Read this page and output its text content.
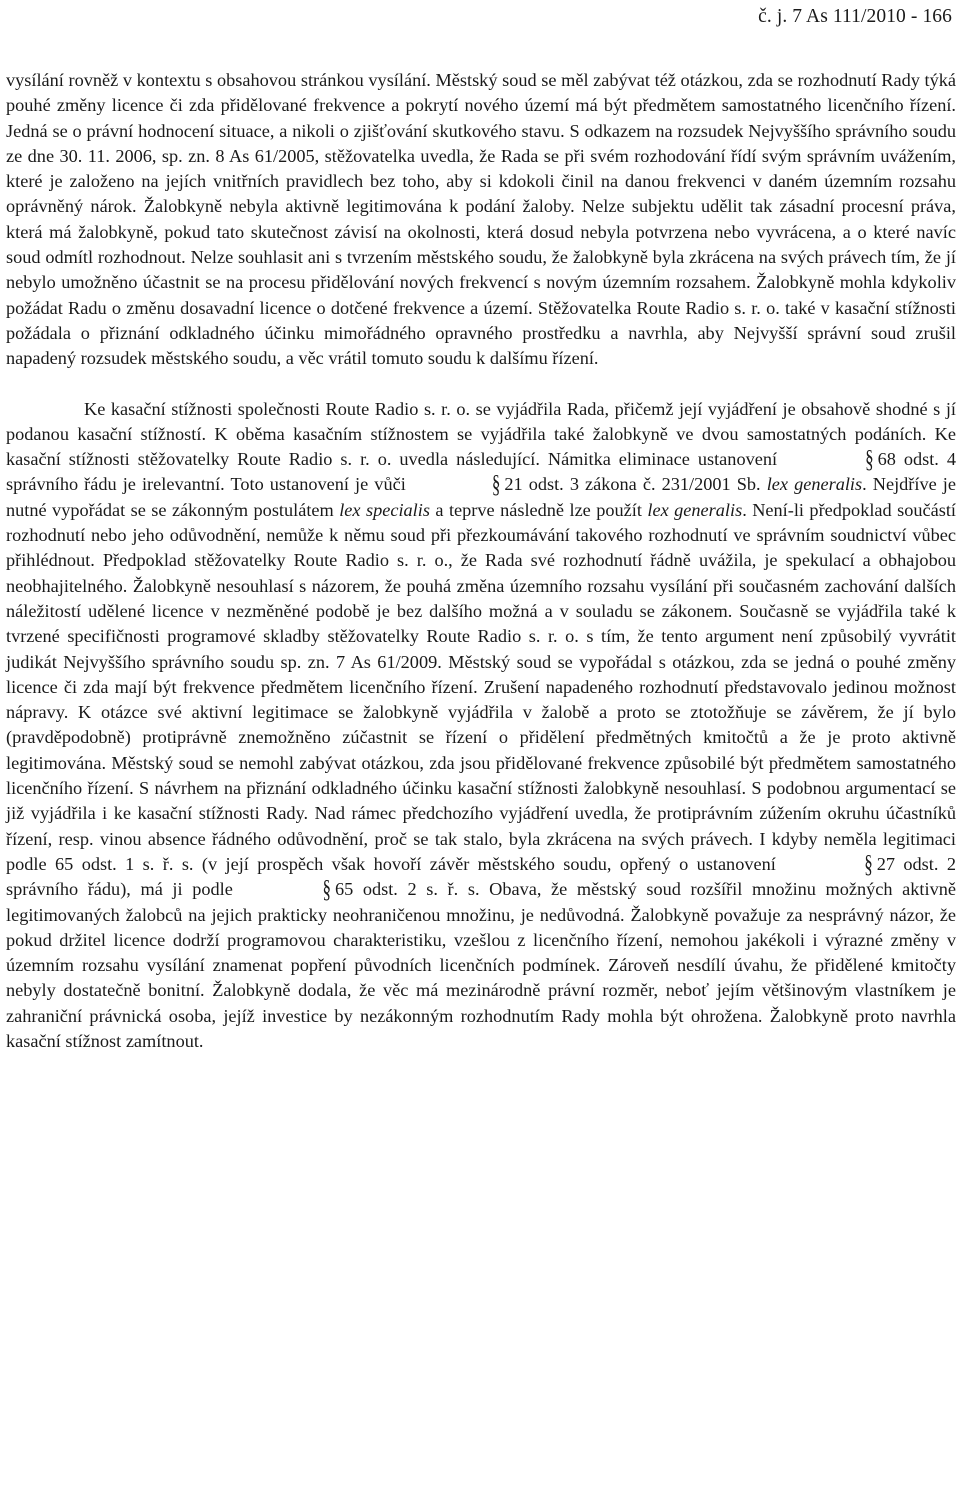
č. j. 7 As 111/2010 - 166

vysílání rovněž v kontextu s obsahovou stránkou vysílání. Městský soud se měl zabývat též otázkou, zda se rozhodnutí Rady týká pouhé změny licence či zda přidělované frekvence a pokrytí nového území má být předmětem samostatného licenčního řízení. Jedná se o právní hodnocení situace, a nikoli o zjišťování skutkového stavu. S odkazem na rozsudek Nejvyššího správního soudu ze dne 30. 11. 2006, sp. zn. 8 As 61/2005, stěžovatelka uvedla, že Rada se při svém rozhodování řídí svým správním uvážením, které je založeno na jejích vnitřních pravidlech bez toho, aby si kdokoli činil na danou frekvenci v daném územním rozsahu oprávněný nárok. Žalobkyně nebyla aktivně legitimována k podání žaloby. Nelze subjektu udělit tak zásadní procesní práva, která má žalobkyně, pokud tato skutečnost závisí na okolnosti, která dosud nebyla potvrzena nebo vyvrácena, a o které navíc soud odmítl rozhodnout. Nelze souhlasit ani s tvrzením městského soudu, že žalobkyně byla zkrácena na svých právech tím, že jí nebylo umožněno účastnit se na procesu přidělování nových frekvencí s novým územním rozsahem. Žalobkyně mohla kdykoliv požádat Radu o změnu dosavadní licence o dotčené frekvence a území. Stěžovatelka Route Radio s. r. o. také v kasační stížnosti požádala o přiznání odkladného účinku mimořádného opravného prostředku a navrhla, aby Nejvyšší správní soud zrušil napadený rozsudek městského soudu, a věc vrátil tomuto soudu k dalšímu řízení.

Ke kasační stížnosti společnosti Route Radio s. r. o. se vyjádřila Rada, přičemž její vyjádření je obsahově shodné s jí podanou kasační stížností. K oběma kasačním stížnostem se vyjádřila také žalobkyně ve dvou samostatných podáních. Ke kasační stížnosti stěžovatelky Route Radio s. r. o. uvedla následující. Námitka eliminace ustanovení	§ 68 odst. 4 správního řádu je irelevantní. Toto ustanovení je vůči	§ 21 odst. 3 zákona č. 231/2001 Sb. lex generalis. Nejdříve je nutné vypořádat se se zákonným postulátem lex specialis a teprve následně lze použít lex generalis. Není-li předpoklad součástí rozhodnutí nebo jeho odůvodnění, nemůže k němu soud při přezkoumávání takového rozhodnutí ve správním soudnictví vůbec přihlédnout. Předpoklad stěžovatelky Route Radio s. r. o., že Rada své rozhodnutí řádně uvážila, je spekulací a obhajobou neobhajitelného. Žalobkyně nesouhlasí s názorem, že pouhá změna územního rozsahu vysílání při současném zachování dalších náležitostí udělené licence v nezměněné podobě je bez dalšího možná a v souladu se zákonem. Současně se vyjádřila také k tvrzené specifičnosti programové skladby stěžovatelky Route Radio s. r. o. s tím, že tento argument není způsobilý vyvrátit judikát Nejvyššího správního soudu sp. zn. 7 As 61/2009. Městský soud se vypořádal s otázkou, zda se jedná o pouhé změny licence či zda mají být frekvence předmětem licenčního řízení. Zrušení napadeného rozhodnutí představovalo jedinou možnost nápravy. K otázce své aktivní legitimace se žalobkyně vyjádřila v žalobě a proto se ztotožňuje se závěrem, že jí bylo (pravděpodobně) protiprávně znemožněno zúčastnit se řízení o přidělení předmětných kmitočtů a že je proto aktivně legitimována. Městský soud se nemohl zabývat otázkou, zda jsou přidělované frekvence způsobilé být předmětem samostatného licenčního řízení. S návrhem na přiznání odkladného účinku kasační stížnosti žalobkyně nesouhlasí. S podobnou argumentací se již vyjádřila i ke kasační stížnosti Rady. Nad rámec předchozího vyjádření uvedla, že protiprávním zúžením okruhu účastníků řízení, resp. vinou absence řádného odůvodnění, proč se tak stalo, byla zkrácena na svých právech. I kdyby neměla legitimaci podle 65 odst. 1 s. ř. s. (v její prospěch však hovoří závěr městského soudu, opřený o ustanovení	§ 27 odst. 2 správního řádu), má ji podle	§ 65 odst. 2 s. ř. s. Obava, že městský soud rozšířil množinu možných aktivně legitimovaných žalobců na jejich prakticky neohraničenou množinu, je nedůvodná. Žalobkyně považuje za nesprávný názor, že pokud držitel licence dodrží programovou charakteristiku, vzešlou z licenčního řízení, nemohou jakékoli i výrazné změny v územním rozsahu vysílání znamenat popření původních licenčních podmínek. Zároveň nesdílí úvahu, že přidělené kmitočty nebyly dostatečně bonitní. Žalobkyně dodala, že věc má mezinárodně právní rozměr, neboť jejím většinovým vlastníkem je zahraniční právnická osoba, jejíž investice by nezákonným rozhodnutím Rady mohla být ohrožena. Žalobkyně proto navrhla kasační stížnost zamítnout.
